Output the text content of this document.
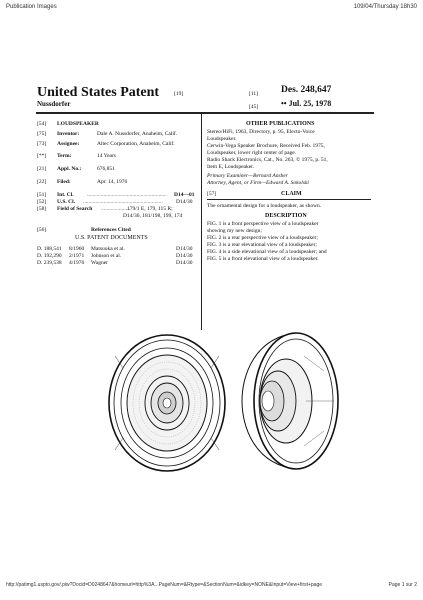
Publication Images	109/04/Thursday 18h30
http://patimg1.uspto.gov/.piw?Docid=D0248647&homeurl=http%3A...PageNum=&Rtype=&SectionNum=&idkey=NONE&Input=View+first+page	Page 1 sur 2
United States Patent	[19]
Nussdorfer
[11] Des. 248,647
[45]	•• Jul. 25, 1978
[54] LOUDSPEAKER
[75] Inventor:	Dale A. Nussdorfer, Anaheim, Calif.
[73] Assignee:	Altec Corporation, Anaheim, Calif.
[**] Term:	14 Years
[21] Appl. No.:	676,851
[22] Filed:	Apr. 14, 1976
[51] Int. Cl. ..........................................................	D14—01
[52] U.S. Cl. ..........................................................	D14/30
[58] Field of Search .....................
179/1 E, 179, 115 R;
D14/30, 181/198, 199, 174
[56]	References Cited
U.S. PATENT DOCUMENTS
D. 188,541 8/1960 Matsuoka et al.	D14/30
D. 192,290 2/1971 Johnson et al.	D14/30
D. 239,538 4/1976 Wagner	D14/30
OTHER PUBLICATIONS
Stereo/HiFi, 1963, Directory, p. 95, Electo-Voice
Loudspeaker.
Cerwin-Vega Speaker Brochure, Received Feb. 1975,
Loudspeaker, lower right center of page.
Radio Shack Electronics, Cat., No. 263, © 1975, p. 51,
Item E, Loudspeaker.
Primary Examiner—Bernard Ansher
Attorney, Agent, or Firm—Edward A. Sokolski
[57]	CLAIM
The ornamental design for a loudspeaker, as shown.
DESCRIPTION
FIG. 1 is a front perspective view of a loudspeaker
showing my new design;
FIG. 2 is a rear perspective view of a loudspeaker;
FIG. 3 is a rear elevational view of a loudspeaker;
FIG. 4 is a side elevational view of a loudspeaker; and
FIG. 5 is a front elevational view of a loudspeaker.
